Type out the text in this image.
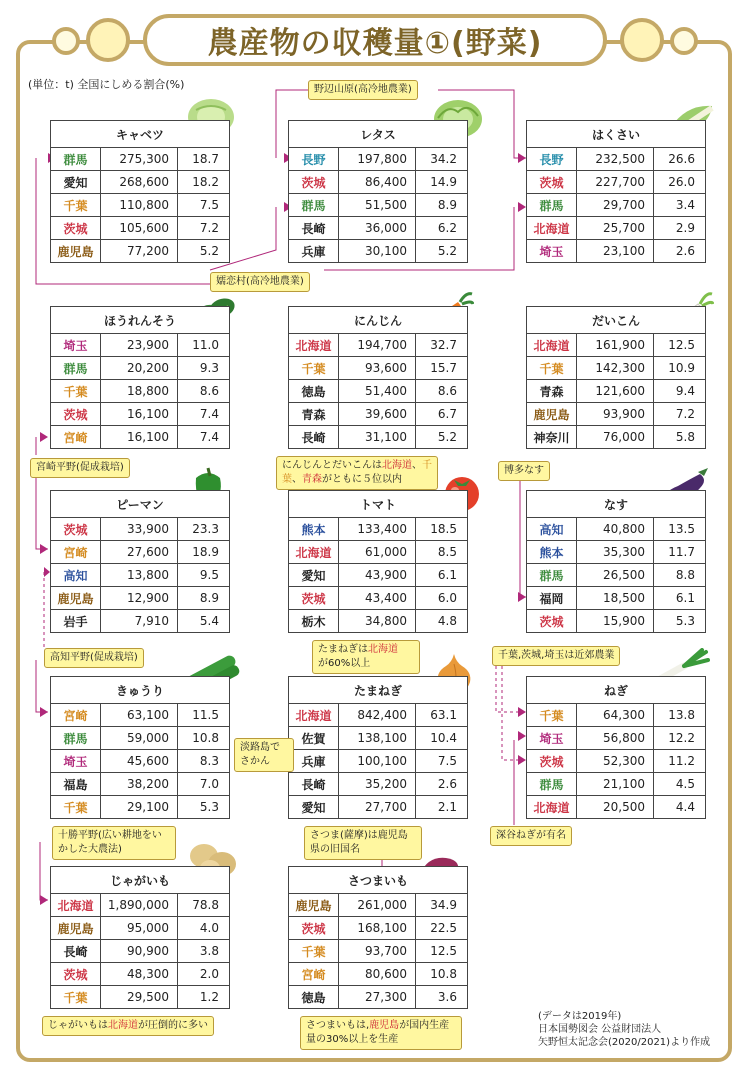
農産物の収穫量①(野菜)
(単位：t) 全国にしめる割合(%)
キャベツ		
群馬	275,300	18.7
愛知	268,600	18.2
千葉	110,800	7.5
茨城	105,600	7.2
鹿児島	77,200	5.2
レタス		
長野	197,800	34.2
茨城	86,400	14.9
群馬	51,500	8.9
長崎	36,000	6.2
兵庫	30,100	5.2
はくさい		
長野	232,500	26.6
茨城	227,700	26.0
群馬	29,700	3.4
北海道	25,700	2.9
埼玉	23,100	2.6
ほうれんそう		
埼玉	23,900	11.0
群馬	20,200	9.3
千葉	18,800	8.6
茨城	16,100	7.4
宮崎	16,100	7.4
にんじん		
北海道	194,700	32.7
千葉	93,600	15.7
徳島	51,400	8.6
青森	39,600	6.7
長崎	31,100	5.2
だいこん		
北海道	161,900	12.5
千葉	142,300	10.9
青森	121,600	9.4
鹿児島	93,900	7.2
神奈川	76,000	5.8
ピーマン		
茨城	33,900	23.3
宮崎	27,600	18.9
高知	13,800	9.5
鹿児島	12,900	8.9
岩手	7,910	5.4
トマト		
熊本	133,400	18.5
北海道	61,000	8.5
愛知	43,900	6.1
茨城	43,400	6.0
栃木	34,800	4.8
なす		
高知	40,800	13.5
熊本	35,300	11.7
群馬	26,500	8.8
福岡	18,500	6.1
茨城	15,900	5.3
きゅうり		
宮崎	63,100	11.5
群馬	59,000	10.8
埼玉	45,600	8.3
福島	38,200	7.0
千葉	29,100	5.3
たまねぎ		
北海道	842,400	63.1
佐賀	138,100	10.4
兵庫	100,100	7.5
長崎	35,200	2.6
愛知	27,700	2.1
ねぎ		
千葉	64,300	13.8
埼玉	56,800	12.2
茨城	52,300	11.2
群馬	21,100	4.5
北海道	20,500	4.4
じゃがいも		
北海道	1,890,000	78.8
鹿児島	95,000	4.0
長崎	90,900	3.8
茨城	48,300	2.0
千葉	29,500	1.2
さつまいも		
鹿児島	261,000	34.9
茨城	168,100	22.5
千葉	93,700	12.5
宮崎	80,600	10.8
徳島	27,300	3.6
野辺山原(高冷地農業)
嬬恋村(高冷地農業)
宮崎平野(促成栽培)	にんじんとだいこんは北海道、千葉、青森がともに５位以内
博多なす
高知平野(促成栽培)
たまねぎは北海道
が60%以上
千葉,茨城,埼玉は近郊農業
淡路島でさかん
深谷ねぎが有名
十勝平野(広い耕地をいかした大農法)
さつま(薩摩)は鹿児島県の旧国名
じゃがいもは北海道が圧倒的に多い	さつまいもは,鹿児島が国内生産量の30%以上を生産
(データは2019年)
日本国勢図会 公益財団法人
矢野恒太記念会(2020/2021)より作成
